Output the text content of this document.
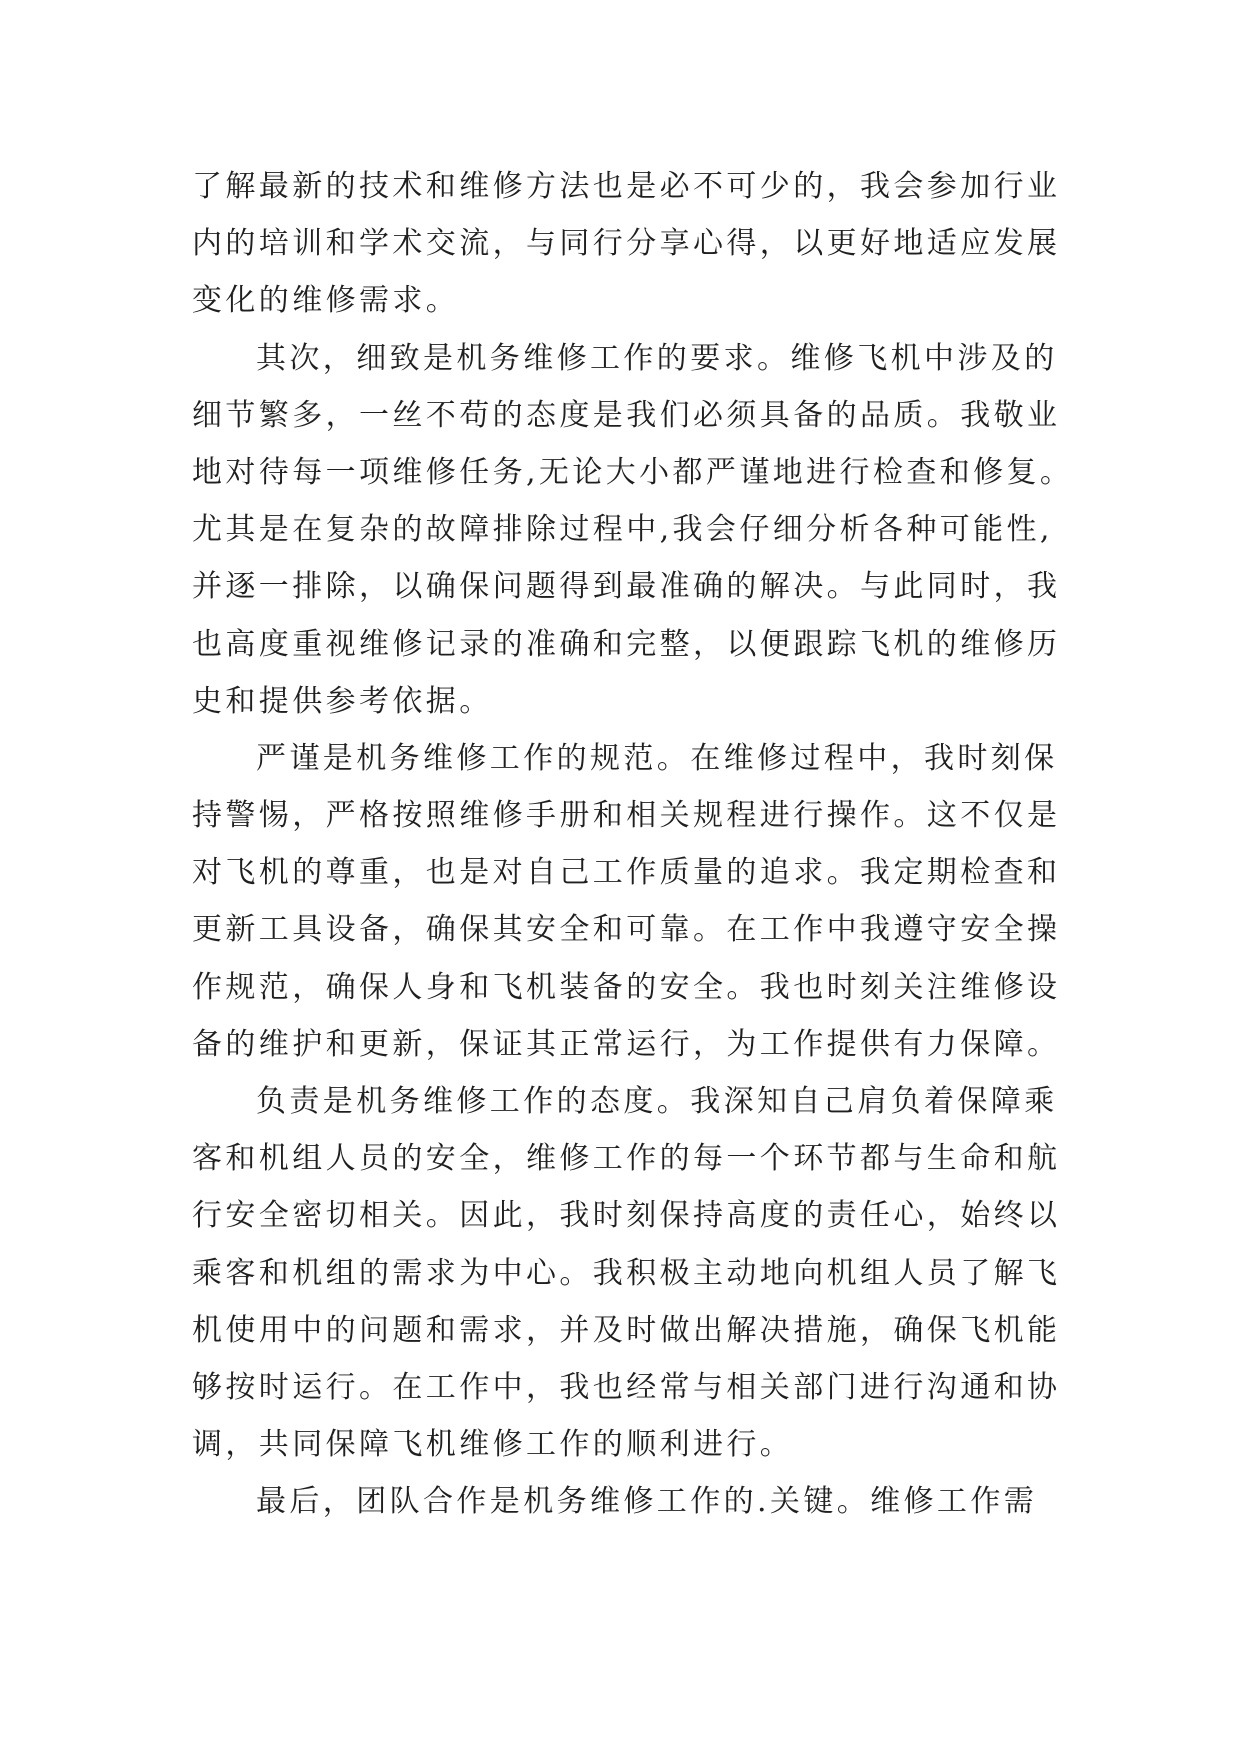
了解最新的技术和维修方法也是必不可少的，我会参加行业
内的培训和学术交流，与同行分享心得，以更好地适应发展
变化的维修需求。
其次，细致是机务维修工作的要求。维修飞机中涉及的
细节繁多，一丝不苟的态度是我们必须具备的品质。我敬业
地对待每一项维修任务,无论大小都严谨地进行检查和修复。
尤其是在复杂的故障排除过程中,我会仔细分析各种可能性,
并逐一排除，以确保问题得到最准确的解决。与此同时，我
也高度重视维修记录的准确和完整，以便跟踪飞机的维修历
史和提供参考依据。
严谨是机务维修工作的规范。在维修过程中，我时刻保
持警惕，严格按照维修手册和相关规程进行操作。这不仅是
对飞机的尊重，也是对自己工作质量的追求。我定期检查和
更新工具设备，确保其安全和可靠。在工作中我遵守安全操
作规范，确保人身和飞机装备的安全。我也时刻关注维修设
备的维护和更新，保证其正常运行，为工作提供有力保障。
负责是机务维修工作的态度。我深知自己肩负着保障乘
客和机组人员的安全，维修工作的每一个环节都与生命和航
行安全密切相关。因此，我时刻保持高度的责任心，始终以
乘客和机组的需求为中心。我积极主动地向机组人员了解飞
机使用中的问题和需求，并及时做出解决措施，确保飞机能
够按时运行。在工作中，我也经常与相关部门进行沟通和协
调，共同保障飞机维修工作的顺利进行。
最后，团队合作是机务维修工作的.关键。维修工作需
